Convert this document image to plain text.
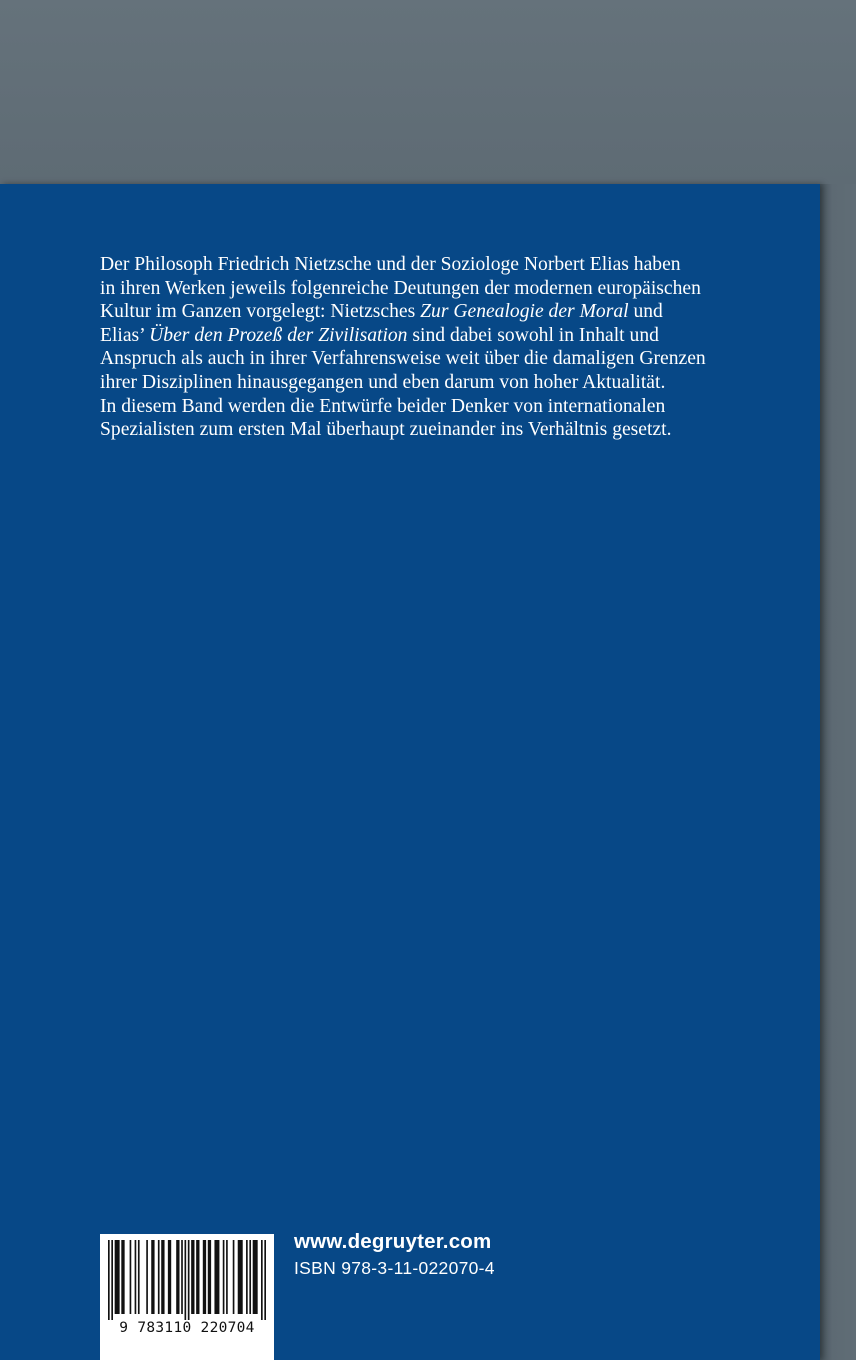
Der Philosoph Friedrich Nietzsche und der Soziologe Norbert Elias haben
in ihren Werken jeweils folgenreiche Deutungen der modernen europäischen
Kultur im Ganzen vorgelegt: Nietzsches Zur Genealogie der Moral und
Elias’ Über den Prozeß der Zivilisation sind dabei sowohl in Inhalt und
Anspruch als auch in ihrer Verfahrensweise weit über die damaligen Grenzen
ihrer Disziplinen hinausgegangen und eben darum von hoher Aktualität.
In diesem Band werden die Entwürfe beider Denker von internationalen
Spezialisten zum ersten Mal überhaupt zueinander ins Verhältnis gesetzt.
9 783110 220704
www.degruyter.com
ISBN 978-3-11-022070-4
